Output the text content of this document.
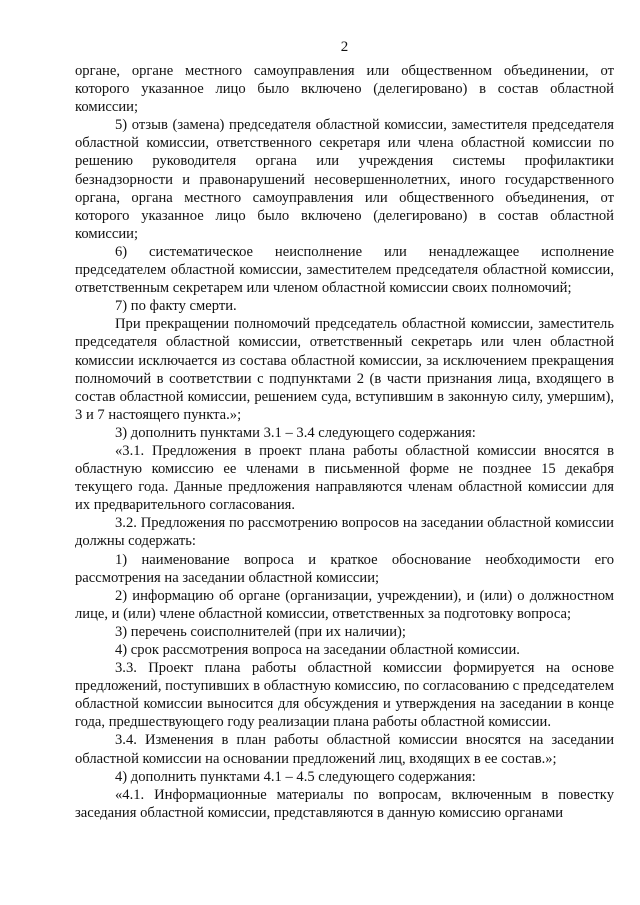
2

органе, органе местного самоуправления или общественном объединении, от которого указанное лицо было включено (делегировано) в состав областной комиссии;

5) отзыв (замена) председателя областной комиссии, заместителя председателя областной комиссии, ответственного секретаря или члена областной комиссии по решению руководителя органа или учреждения системы профилактики безнадзорности и правонарушений несовершеннолетних, иного государственного органа, органа местного самоуправления или общественного объединения, от которого указанное лицо было включено (делегировано) в состав областной комиссии;

6) систематическое неисполнение или ненадлежащее исполнение председателем областной комиссии, заместителем председателя областной комиссии, ответственным секретарем или членом областной комиссии своих полномочий;

7) по факту смерти.

При прекращении полномочий председатель областной комиссии, заместитель председателя областной комиссии, ответственный секретарь или член областной комиссии исключается из состава областной комиссии, за исключением прекращения полномочий в соответствии с подпунктами 2 (в части признания лица, входящего в состав областной комиссии, решением суда, вступившим в законную силу, умершим), 3 и 7 настоящего пункта.»;

3) дополнить пунктами 3.1 – 3.4 следующего содержания:

«3.1. Предложения в проект плана работы областной комиссии вносятся в областную комиссию ее членами в письменной форме не позднее 15 декабря текущего года. Данные предложения направляются членам областной комиссии для их предварительного согласования.

3.2. Предложения по рассмотрению вопросов на заседании областной комиссии должны содержать:

1) наименование вопроса и краткое обоснование необходимости его рассмотрения на заседании областной комиссии;

2) информацию об органе (организации, учреждении), и (или) о должностном лице, и (или) члене областной комиссии, ответственных за подготовку вопроса;

3) перечень соисполнителей (при их наличии);

4) срок рассмотрения вопроса на заседании областной комиссии.

3.3. Проект плана работы областной комиссии формируется на основе предложений, поступивших в областную комиссию, по согласованию с председателем областной комиссии выносится для обсуждения и утверждения на заседании в конце года, предшествующего году реализации плана работы областной комиссии.

3.4. Изменения в план работы областной комиссии вносятся на заседании областной комиссии на основании предложений лиц, входящих в ее состав.»;

4) дополнить пунктами 4.1 – 4.5 следующего содержания:

«4.1. Информационные материалы по вопросам, включенным в повестку заседания областной комиссии, представляются в данную комиссию органами
